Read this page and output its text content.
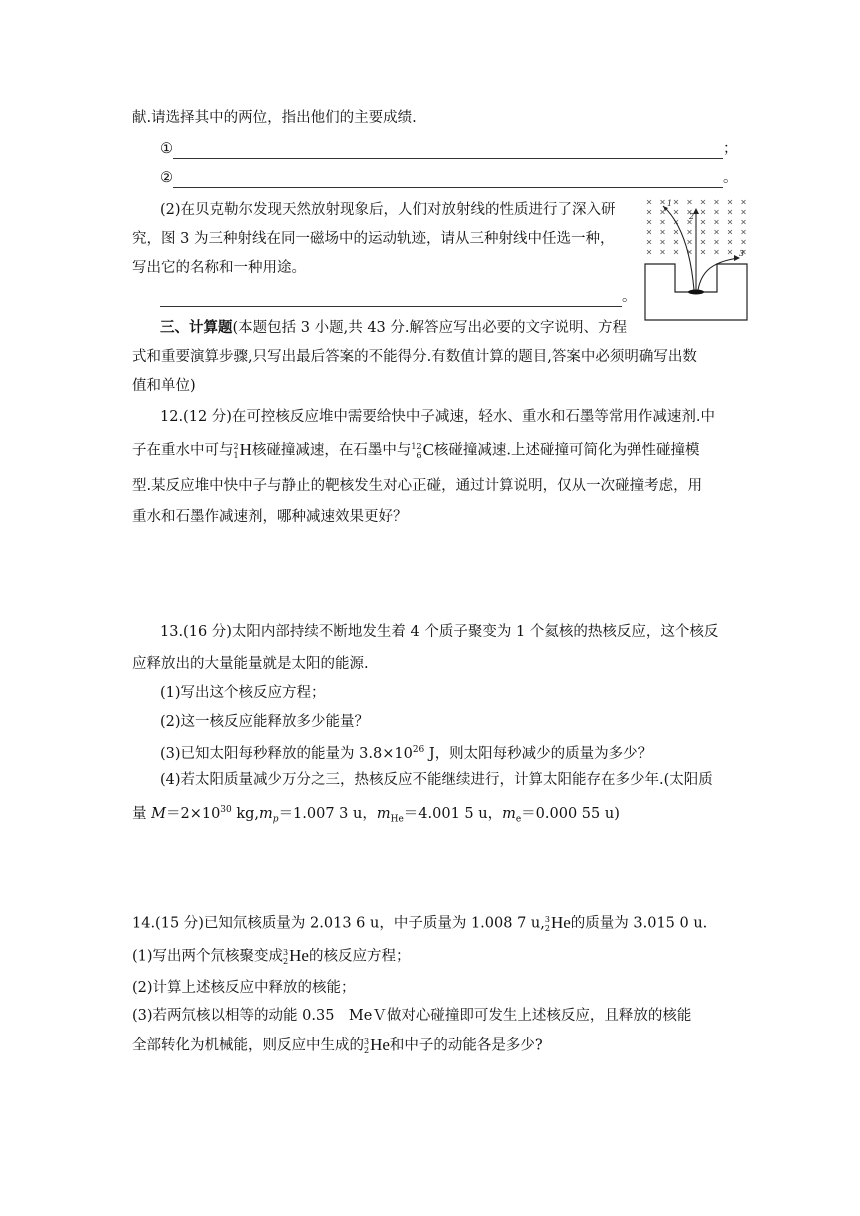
献.请选择其中的两位，指出他们的主要成绩.
①	；
②	。
(2)在贝克勒尔发现天然放射现象后，人们对放射线的性质进行了深入研
究，图 3 为三种射线在同一磁场中的运动轨迹，请从三种射线中任选一种，
写出它的名称和一种用途。
。
1
2
3
三、计算题(本题包括 3 小题,共 43 分.解答应写出必要的文字说明、方程
式和重要演算步骤,只写出最后答案的不能得分.有数值计算的题目,答案中必须明确写出数
值和单位)
12.(12 分)在可控核反应堆中需要给快中子减速，轻水、重水和石墨等常用作减速剂.中
子在重水中可与 2
1 H核碰撞减速，在石墨中与 12
6 C核碰撞减速.上述碰撞可简化为弹性碰撞模
型.某反应堆中快中子与静止的靶核发生对心正碰，通过计算说明，仅从一次碰撞考虑，用
重水和石墨作减速剂，哪种减速效果更好？
13.(16 分)太阳内部持续不断地发生着 4 个质子聚变为 1 个氦核的热核反应，这个核反
应释放出的大量能量就是太阳的能源.
(1)写出这个核反应方程；
(2)这一核反应能释放多少能量？
(3)已知太阳每秒释放的能量为 $3.8\times 10^{26}$ J，则太阳每秒减少的质量为多少？
(4)若太阳质量减少万分之三，热核反应不能继续进行，计算太阳能存在多少年.(太阳质
量 $M=2\times 10^{30}$ $kg,m_p=1.007$ 3 u，$m_{He}=4.001$ 5 u，$m_e=0.000$ 55 u)
14.(15 分)已知氘核质量为 2.013 6 u，中子质量为 1.008 7 u, 3
2 He的质量为 3.015 0 u.
(1)写出两个氘核聚变成 3
2 He的核反应方程；
(2)计算上述核反应中释放的核能；
(3)若两氘核以相等的动能 0.35　MeＶ做对心碰撞即可发生上述核反应，且释放的核能
全部转化为机械能，则反应中生成的 3
2 He和中子的动能各是多少?
